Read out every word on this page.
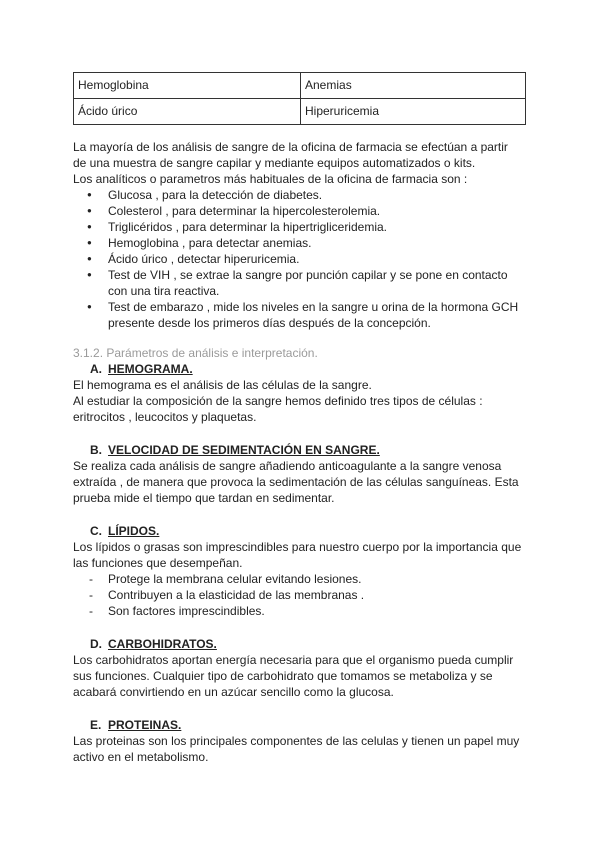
Hemoglobina	Anemias
Ácido úrico	Hiperuricemia

La mayoría de los análisis de sangre de la oficina de farmacia se efectúan a partir

de una muestra de sangre capilar y mediante equipos automatizados o kits.

Los analíticos o parametros más habituales de la oficina de farmacia son :

● Glucosa , para la detección de diabetes.
● Colesterol , para determinar la hipercolesterolemia.
● Triglicéridos , para determinar la hipertrigliceridemia.
● Hemoglobina , para detectar anemias.
● Ácido úrico , detectar hiperuricemia.
● Test de VIH , se extrae la sangre por punción capilar y se pone en contacto
con una tira reactiva.
● Test de embarazo , mide los niveles en la sangre u orina de la hormona GCH
presente desde los primeros días después de la concepción.

3.1.2. Parámetros de análisis e interpretación.

A. HEMOGRAMA.

El hemograma es el análisis de las células de la sangre.

Al estudiar la composición de la sangre hemos definido tres tipos de células :

eritrocitos , leucocitos y plaquetas.

B. VELOCIDAD DE SEDIMENTACIÓN EN SANGRE.

Se realiza cada análisis de sangre añadiendo anticoagulante a la sangre venosa

extraída , de manera que provoca la sedimentación de las células sanguíneas. Esta

prueba mide el tiempo que tardan en sedimentar.

C. LÍPIDOS.

Los lípidos o grasas son imprescindibles para nuestro cuerpo por la importancia que

las funciones que desempeñan.

- Protege la membrana celular evitando lesiones.
- Contribuyen a la elasticidad de las membranas .
- Son factores imprescindibles.
D. CARBOHIDRATOS.

Los carbohidratos aportan energía necesaria para que el organismo pueda cumplir

sus funciones. Cualquier tipo de carbohidrato que tomamos se metaboliza y se

acabará convirtiendo en un azúcar sencillo como la glucosa.

E. PROTEINAS.

Las proteinas son los principales componentes de las celulas y tienen un papel muy

activo en el metabolismo.
